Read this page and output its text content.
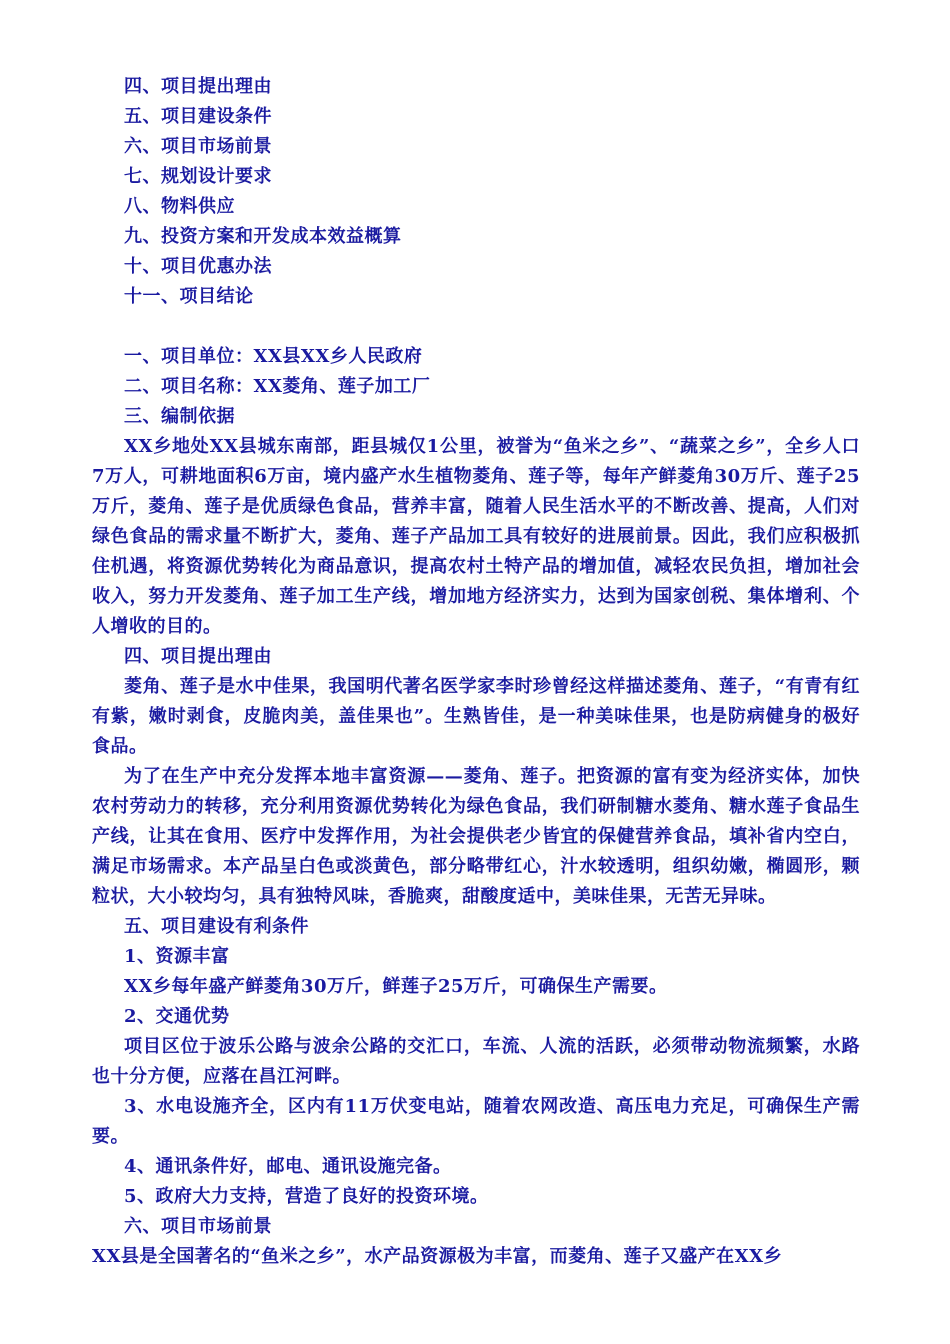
四、项目提出理由
五、项目建设条件
六、项目市场前景
七、规划设计要求
八、物料供应
九、投资方案和开发成本效益概算
十、项目优惠办法
十一、项目结论
一、项目单位：XX县XX乡人民政府
二、项目名称：XX菱角、莲子加工厂
三、编制依据

XX乡地处XX县城东南部，距县城仅1公里，被誉为“鱼米之乡”、“蔬菜之乡”，全乡人口7万人，可耕地面积6万亩，境内盛产水生植物菱角、莲子等，每年产鲜菱角30万斤、莲子25万斤，菱角、莲子是优质绿色食品，营养丰富，随着人民生活水平的不断改善、提高，人们对绿色食品的需求量不断扩大，菱角、莲子产品加工具有较好的进展前景。因此，我们应积极抓住机遇，将资源优势转化为商品意识，提高农村土特产品的增加值，减轻农民负担，增加社会收入，努力开发菱角、莲子加工生产线，增加地方经济实力，达到为国家创税、集体增利、个人增收的目的。

四、项目提出理由

菱角、莲子是水中佳果，我国明代著名医学家李时珍曾经这样描述菱角、莲子，“有青有红有紫，嫩时剥食，皮脆肉美，盖佳果也”。生熟皆佳，是一种美味佳果，也是防病健身的极好食品。

为了在生产中充分发挥本地丰富资源——菱角、莲子。把资源的富有变为经济实体，加快农村劳动力的转移，充分利用资源优势转化为绿色食品，我们研制糖水菱角、糖水莲子食品生产线，让其在食用、医疗中发挥作用，为社会提供老少皆宜的保健营养食品，填补省内空白，满足市场需求。本产品呈白色或淡黄色，部分略带红心，汁水较透明，组织幼嫩，椭圆形，颗粒状，大小较均匀，具有独特风味，香脆爽，甜酸度适中，美味佳果，无苦无异味。

五、项目建设有利条件
1、资源丰富

XX乡每年盛产鲜菱角30万斤，鲜莲子25万斤，可确保生产需要。

2、交通优势

项目区位于波乐公路与波余公路的交汇口，车流、人流的活跃，必须带动物流频繁，水路也十分方便，应落在昌江河畔。

3、水电设施齐全，区内有11万伏变电站，随着农网改造、高压电力充足，可确保生产需要。

4、通讯条件好，邮电、通讯设施完备。

5、政府大力支持，营造了良好的投资环境。

六、项目市场前景

XX县是全国著名的“鱼米之乡”，水产品资源极为丰富，而菱角、莲子又盛产在XX乡
